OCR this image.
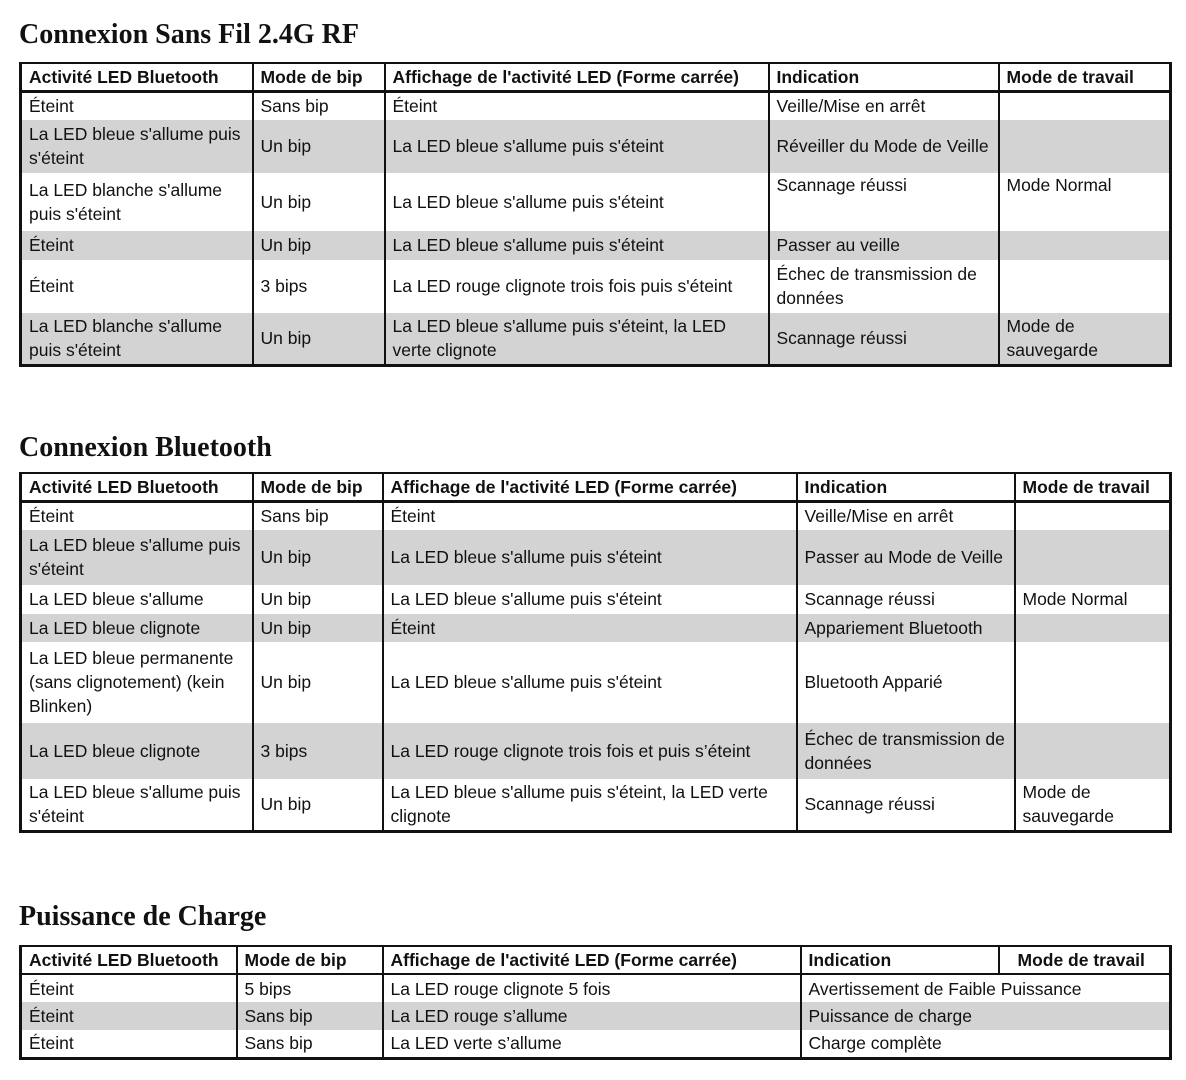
Connexion Sans Fil 2.4G RF
Activité LED Bluetooth	Mode de bip	Affichage de l'activité LED (Forme carrée)	Indication	Mode de travail
Éteint	Sans bip	Éteint	Veille/Mise en arrêt	
La LED bleue s'allume puis s'éteint	Un bip	La LED bleue s'allume puis s'éteint	Réveiller du Mode de Veille	
La LED blanche s'allume puis s'éteint	Un bip	La LED bleue s'allume puis s'éteint	Scannage réussi	Mode Normal
Éteint	Un bip	La LED bleue s'allume puis s'éteint	Passer au veille	
Éteint	3 bips	La LED rouge clignote trois fois puis s'éteint	Échec de transmission de données	
La LED blanche s'allume puis s'éteint	Un bip	La LED bleue s'allume puis s'éteint, la LED verte clignote	Scannage réussi	Mode de sauvegarde
Connexion Bluetooth
Activité LED Bluetooth	Mode de bip	Affichage de l'activité LED (Forme carrée)	Indication	Mode de travail
Éteint	Sans bip	Éteint	Veille/Mise en arrêt	
La LED bleue s'allume puis s'éteint	Un bip	La LED bleue s'allume puis s'éteint	Passer au Mode de Veille	
La LED bleue s'allume	Un bip	La LED bleue s'allume puis s'éteint	Scannage réussi	Mode Normal
La LED bleue clignote	Un bip	Éteint	Appariement Bluetooth	
La LED bleue permanente (sans clignotement) (kein Blinken)	Un bip	La LED bleue s'allume puis s'éteint	Bluetooth Apparié	
La LED bleue clignote	3 bips	La LED rouge clignote trois fois et puis s’éteint	Échec de transmission de données	
La LED bleue s'allume puis s'éteint	Un bip	La LED bleue s'allume puis s'éteint, la LED verte clignote	Scannage réussi	Mode de sauvegarde
Puissance de Charge
Activité LED Bluetooth	Mode de bip	Affichage de l'activité LED (Forme carrée)	Indication	Mode de travail
Éteint	5 bips	La LED rouge clignote 5 fois	Avertissement de Faible Puissance	
Éteint	Sans bip	La LED rouge s’allume	Puissance de charge	
Éteint	Sans bip	La LED verte s’allume	Charge complète	
